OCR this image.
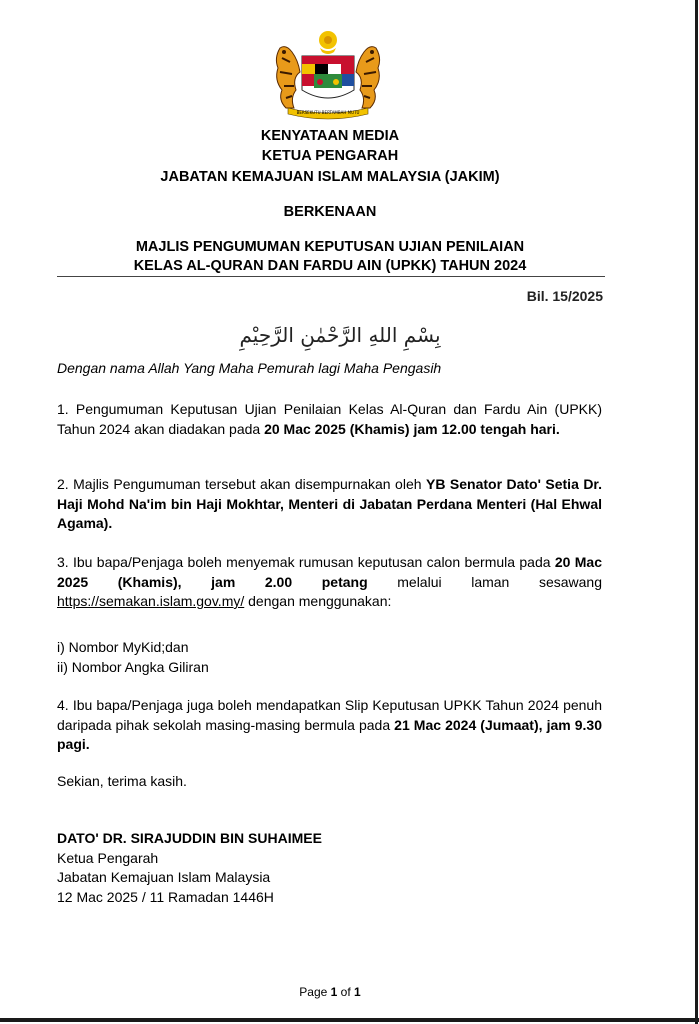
BERSEKUTU BERTAMBAH MUTU
KENYATAAN MEDIA
KETUA PENGARAH
JABATAN KEMAJUAN ISLAM MALAYSIA (JAKIM)
BERKENAAN
MAJLIS PENGUMUMAN KEPUTUSAN UJIAN PENILAIAN
KELAS AL-QURAN DAN FARDU AIN (UPKK) TAHUN 2024
Bil. 15/2025
بِسْمِ اللهِ الرَّحْمٰنِ الرَّحِيْمِ
Dengan nama Allah Yang Maha Pemurah lagi Maha Pengasih
1. Pengumuman Keputusan Ujian Penilaian Kelas Al-Quran dan Fardu Ain (UPKK) Tahun 2024 akan diadakan pada 20 Mac 2025 (Khamis) jam 12.00 tengah hari.
2. Majlis Pengumuman tersebut akan disempurnakan oleh YB Senator Dato' Setia Dr. Haji Mohd Na'im bin Haji Mokhtar, Menteri di Jabatan Perdana Menteri (Hal Ehwal Agama).
3. Ibu bapa/Penjaga boleh menyemak rumusan keputusan calon bermula pada 20 Mac 2025 (Khamis), jam 2.00 petang melalui laman sesawang https://semakan.islam.gov.my/ dengan menggunakan:
i) Nombor MyKid;dan
ii) Nombor Angka Giliran
4. Ibu bapa/Penjaga juga boleh mendapatkan Slip Keputusan UPKK Tahun 2024 penuh daripada pihak sekolah masing-masing bermula pada 21 Mac 2024 (Jumaat), jam 9.30 pagi.
Sekian, terima kasih.
DATO' DR. SIRAJUDDIN BIN SUHAIMEE
Ketua Pengarah
Jabatan Kemajuan Islam Malaysia
12 Mac 2025 / 11 Ramadan 1446H
Page 1 of 1
